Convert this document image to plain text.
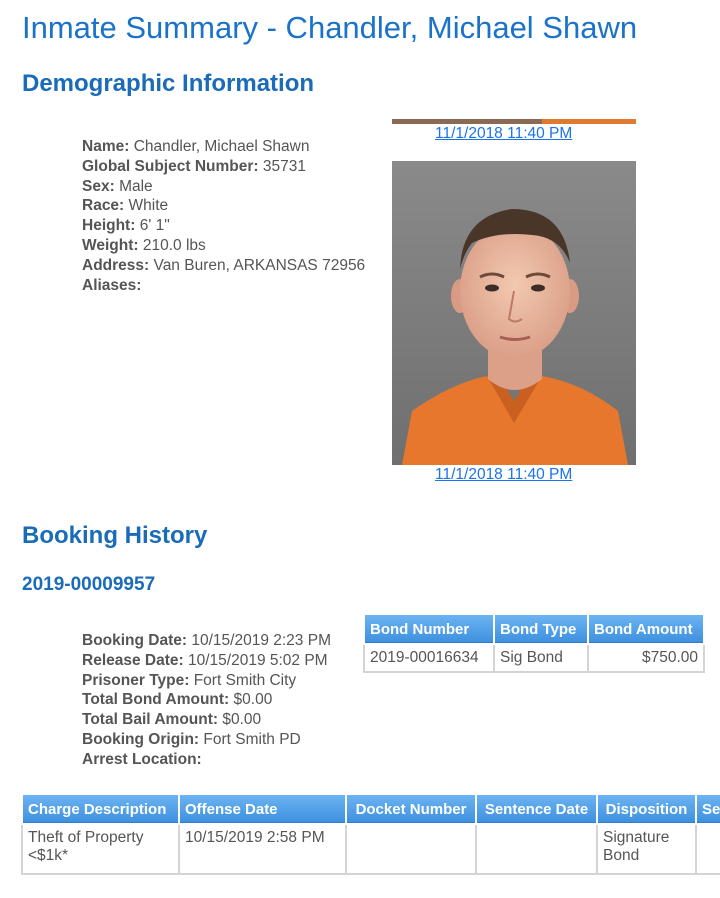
Inmate Summary - Chandler, Michael Shawn
Demographic Information
Name: Chandler, Michael Shawn
Global Subject Number: 35731
Sex: Male
Race: White
Height: 6' 1"
Weight: 210.0 lbs
Address: Van Buren, ARKANSAS 72956
Aliases:
11/1/2018 11:40 PM
11/1/2018 11:40 PM
Booking History
2019-00009957
Booking Date: 10/15/2019 2:23 PM
Release Date: 10/15/2019 5:02 PM
Prisoner Type: Fort Smith City
Total Bond Amount: $0.00
Total Bail Amount: $0.00
Booking Origin: Fort Smith PD
Arrest Location:
Bond Number	Bond Type	Bond Amount
2019-00016634	Sig Bond	$750.00
Charge Description	Offense Date	Docket Number	Sentence Date	Disposition	Se
Theft of Property <$1k*	10/15/2019 2:58 PM			Signature Bond	
